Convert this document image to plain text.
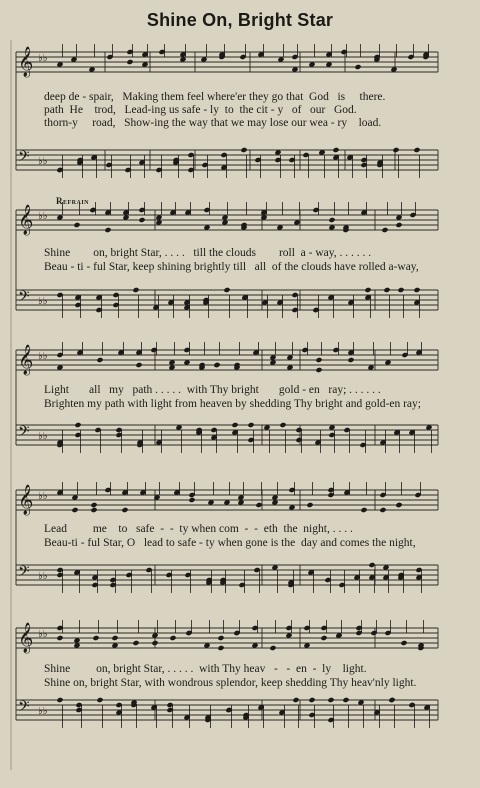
𝄞 ♭♭
𝄢 ♭♭
𝄞 ♭♭
𝄢 ♭♭
𝄞 ♭♭
𝄢 ♭♭
𝄞 ♭♭
𝄢 ♭♭
𝄞 ♭♭
𝄢 ♭♭
Shine On, Bright Star
Refrain
deep de - spair,   Making them feel where'er they go that  God   is     there.
path  He    trod,   Lead-ing us safe - ly  to  the cit - y   of   our   God.
thorn-y     road,   Show-ing the way that we may lose our wea - ry    load.
Shine        on, bright Star, . . . .   till the clouds        roll  a - way, . . . . . .
Beau - ti - ful Star, keep shining brightly till   all  of the clouds have rolled a-way,
Light       all   my   path . . . . .  with Thy bright       gold - en   ray; . . . . . .
Brighten my path with light from heaven by shedding Thy bright and gold-en ray;
Lead         me    to   safe  -  -  ty when com  -  -  eth  the  night, . . . .
Beau-ti - ful Star, O   lead to safe - ty when gone is the  day and comes the night,
Shine         on, bright Star, . . . . .  with Thy heav   -   -  en  -  ly    light.
Shine on, bright Star, with wondrous splendor, keep shedding Thy heav'nly light.
